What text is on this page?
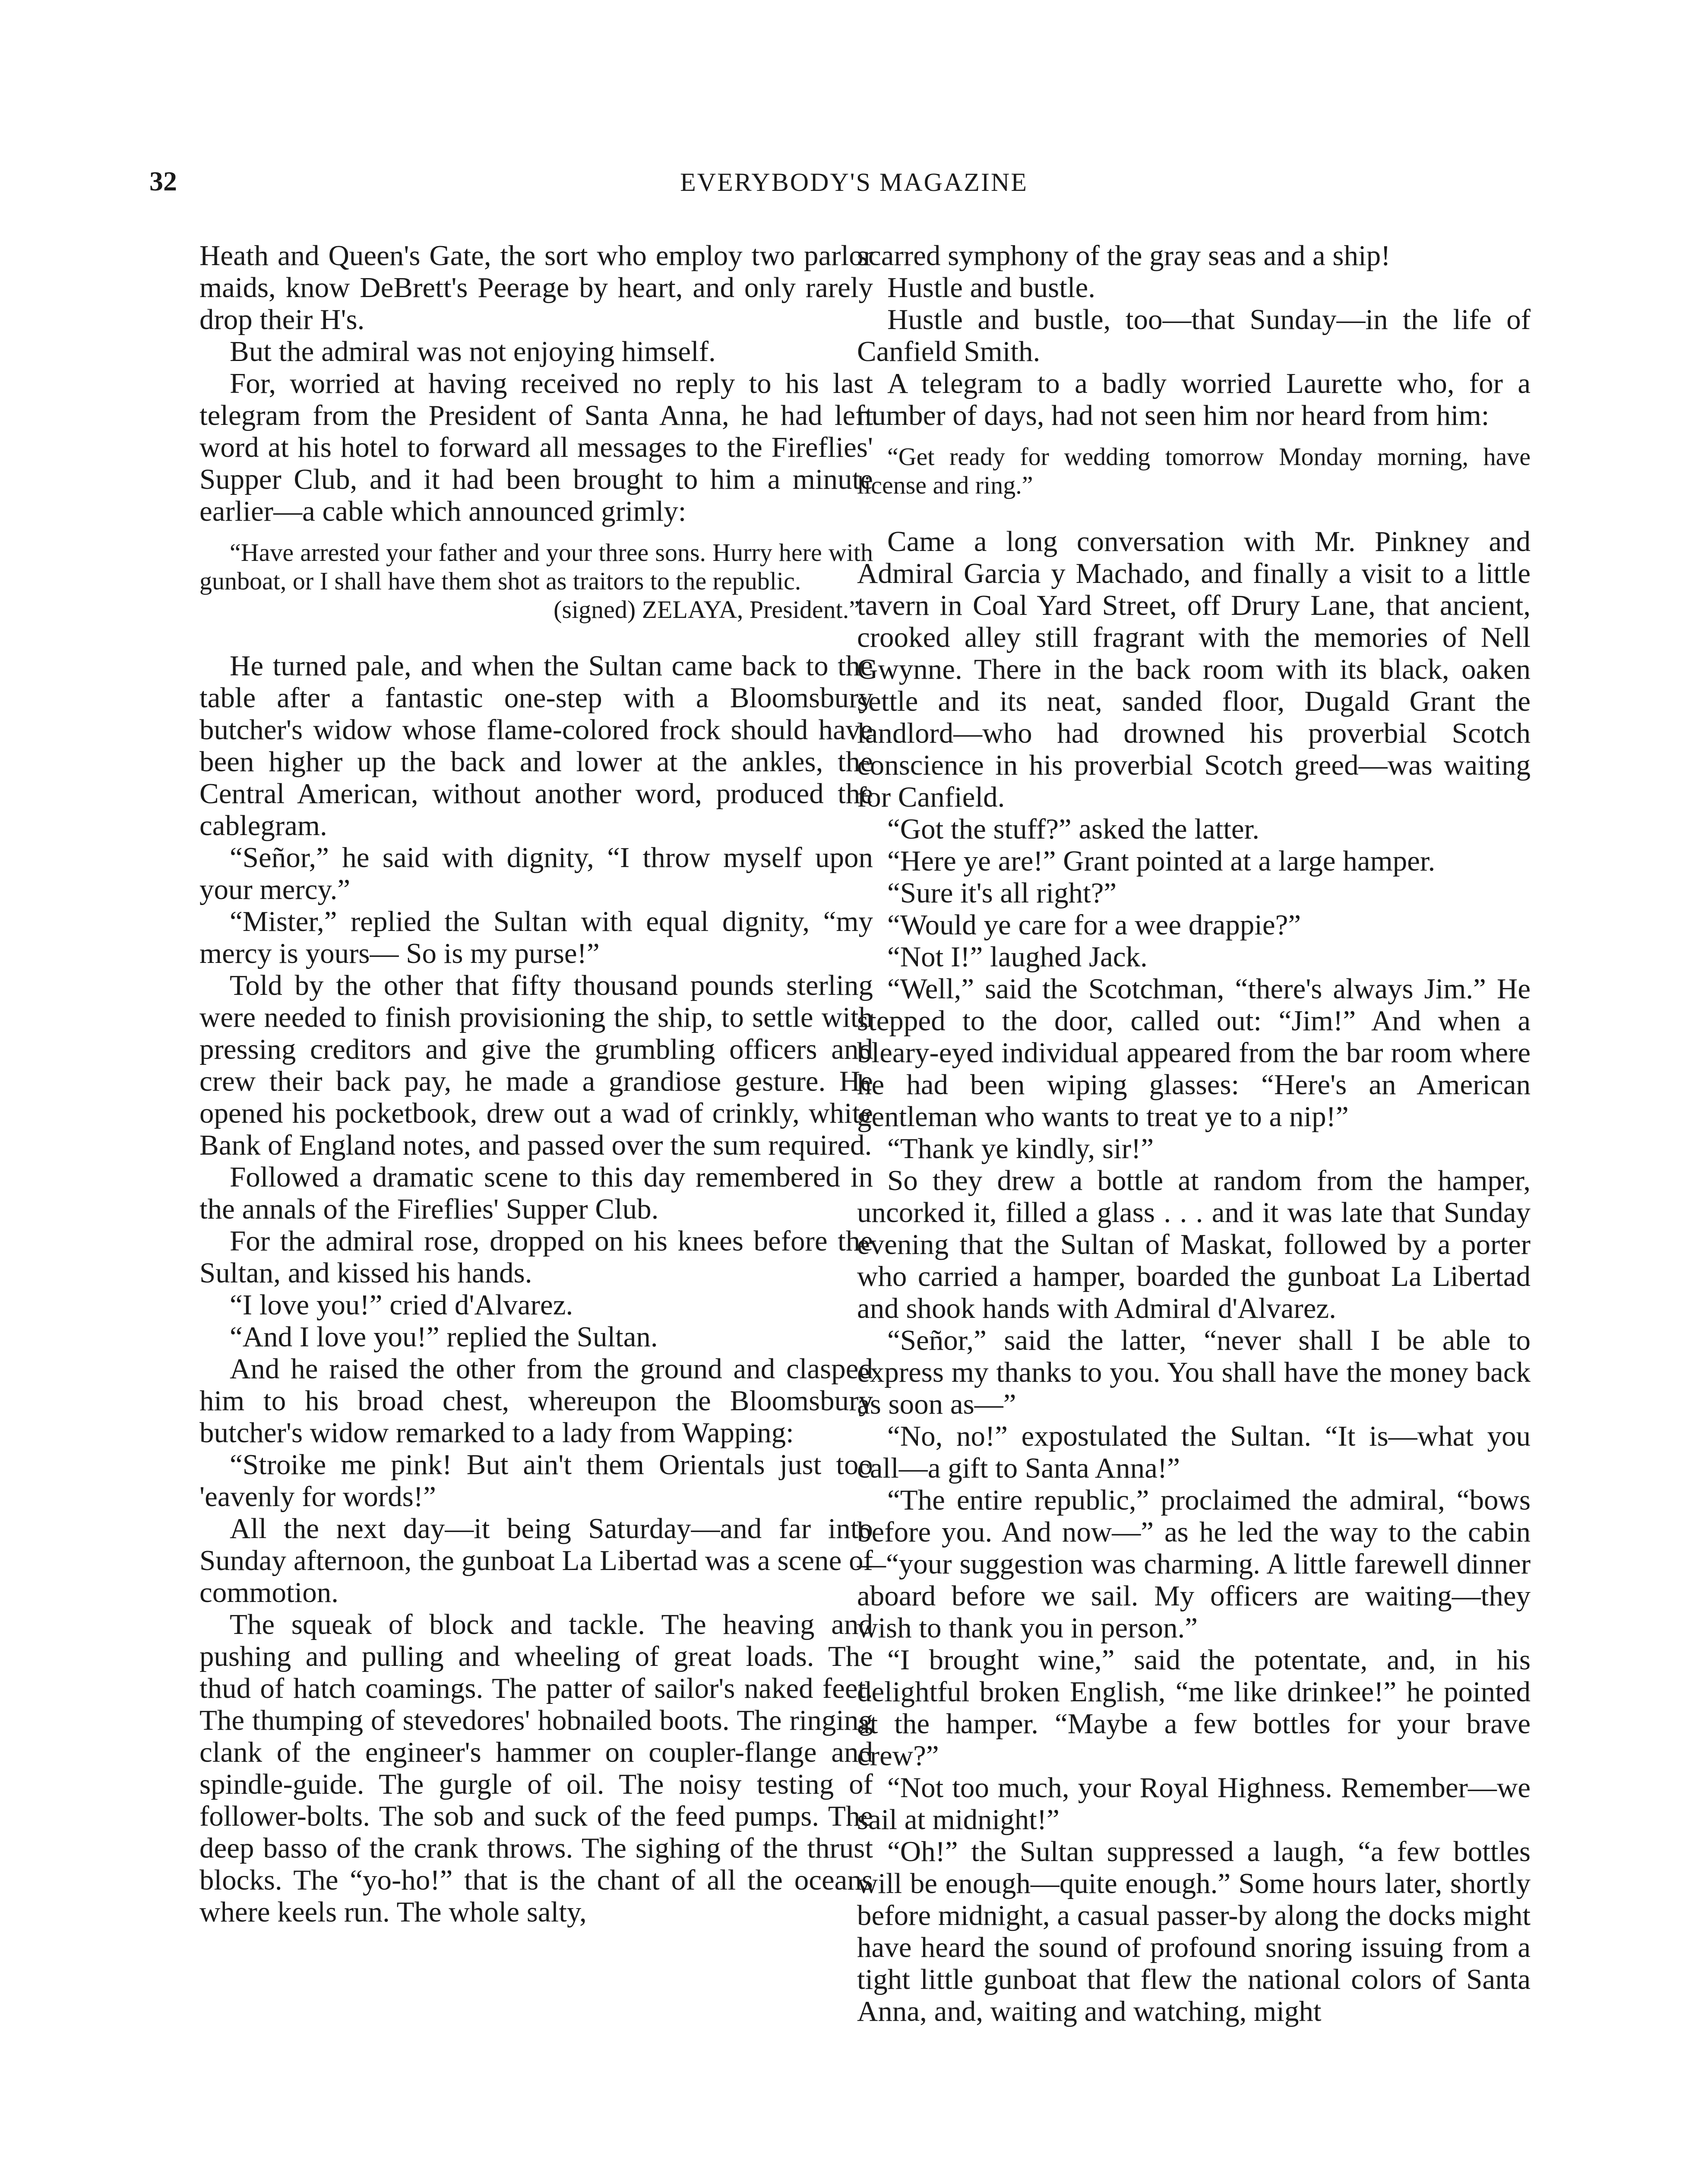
32	EVERYBODY'S MAGAZINE

Heath and Queen's Gate, the sort who employ two parlor maids, know DeBrett's Peerage by heart, and only rarely drop their H's.

But the admiral was not enjoying himself.

For, worried at having received no reply to his last telegram from the President of Santa Anna, he had left word at his hotel to forward all messages to the Fireflies' Supper Club, and it had been brought to him a minute earlier—a cable which announced grimly:

“Have arrested your father and your three sons. Hurry here with gunboat, or I shall have them shot as traitors to the republic.
(signed) ZELAYA, President.”

He turned pale, and when the Sultan came back to the table after a fantastic one-step with a Bloomsbury butcher's widow whose flame-colored frock should have been higher up the back and lower at the ankles, the Central American, without another word, produced the cablegram.

“Señor,” he said with dignity, “I throw myself upon your mercy.”

“Mister,” replied the Sultan with equal dignity, “my mercy is yours— So is my purse!”

Told by the other that fifty thousand pounds sterling were needed to finish provisioning the ship, to settle with pressing creditors and give the grumbling officers and crew their back pay, he made a grandiose gesture. He opened his pocketbook, drew out a wad of crinkly, white Bank of England notes, and passed over the sum required.

Followed a dramatic scene to this day remembered in the annals of the Fireflies' Supper Club.

For the admiral rose, dropped on his knees before the Sultan, and kissed his hands.

“I love you!” cried d'Alvarez.

“And I love you!” replied the Sultan.

And he raised the other from the ground and clasped him to his broad chest, whereupon the Bloomsbury butcher's widow remarked to a lady from Wapping:

“Stroike me pink! But ain't them Orientals just too 'eavenly for words!”

All the next day—it being Saturday—and far into Sunday afternoon, the gunboat La Libertad was a scene of commotion.

The squeak of block and tackle. The heaving and pushing and pulling and wheeling of great loads. The thud of hatch coamings. The patter of sailor's naked feet. The thumping of stevedores' hobnailed boots. The ringing clank of the engineer's hammer on coupler-flange and spindle-guide. The gurgle of oil. The noisy testing of follower-bolts. The sob and suck of the feed pumps. The deep basso of the crank throws. The sighing of the thrust blocks. The “yo-ho!” that is the chant of all the oceans where keels run. The whole salty,

scarred symphony of the gray seas and a ship!

Hustle and bustle.

Hustle and bustle, too—that Sunday—in the life of Canfield Smith.

A telegram to a badly worried Laurette who, for a number of days, had not seen him nor heard from him:

“Get ready for wedding tomorrow Monday morning, have license and ring.”

Came a long conversation with Mr. Pinkney and Admiral Garcia y Machado, and finally a visit to a little tavern in Coal Yard Street, off Drury Lane, that ancient, crooked alley still fragrant with the memories of Nell Gwynne. There in the back room with its black, oaken settle and its neat, sanded floor, Dugald Grant the landlord—who had drowned his proverbial Scotch conscience in his proverbial Scotch greed—was waiting for Canfield.

“Got the stuff?” asked the latter.

“Here ye are!” Grant pointed at a large hamper.

“Sure it's all right?”

“Would ye care for a wee drappie?”

“Not I!” laughed Jack.

“Well,” said the Scotchman, “there's always Jim.” He stepped to the door, called out: “Jim!” And when a bleary-eyed individual appeared from the bar room where he had been wiping glasses: “Here's an American gentleman who wants to treat ye to a nip!”

“Thank ye kindly, sir!”

So they drew a bottle at random from the hamper, uncorked it, filled a glass . . . and it was late that Sunday evening that the Sultan of Maskat, followed by a porter who carried a hamper, boarded the gunboat La Libertad and shook hands with Admiral d'Alvarez.

“Señor,” said the latter, “never shall I be able to express my thanks to you. You shall have the money back as soon as—”

“No, no!” expostulated the Sultan. “It is—what you call—a gift to Santa Anna!”

“The entire republic,” proclaimed the admiral, “bows before you. And now—” as he led the way to the cabin—“your suggestion was charming. A little farewell dinner aboard before we sail. My officers are waiting—they wish to thank you in person.”

“I brought wine,” said the potentate, and, in his delightful broken English, “me like drinkee!” he pointed at the hamper. “Maybe a few bottles for your brave crew?”

“Not too much, your Royal Highness. Remember—we sail at midnight!”

“Oh!” the Sultan suppressed a laugh, “a few bottles will be enough—quite enough.” Some hours later, shortly before midnight, a casual passer-by along the docks might have heard the sound of profound snoring issuing from a tight little gunboat that flew the national colors of Santa Anna, and, waiting and watching, might
